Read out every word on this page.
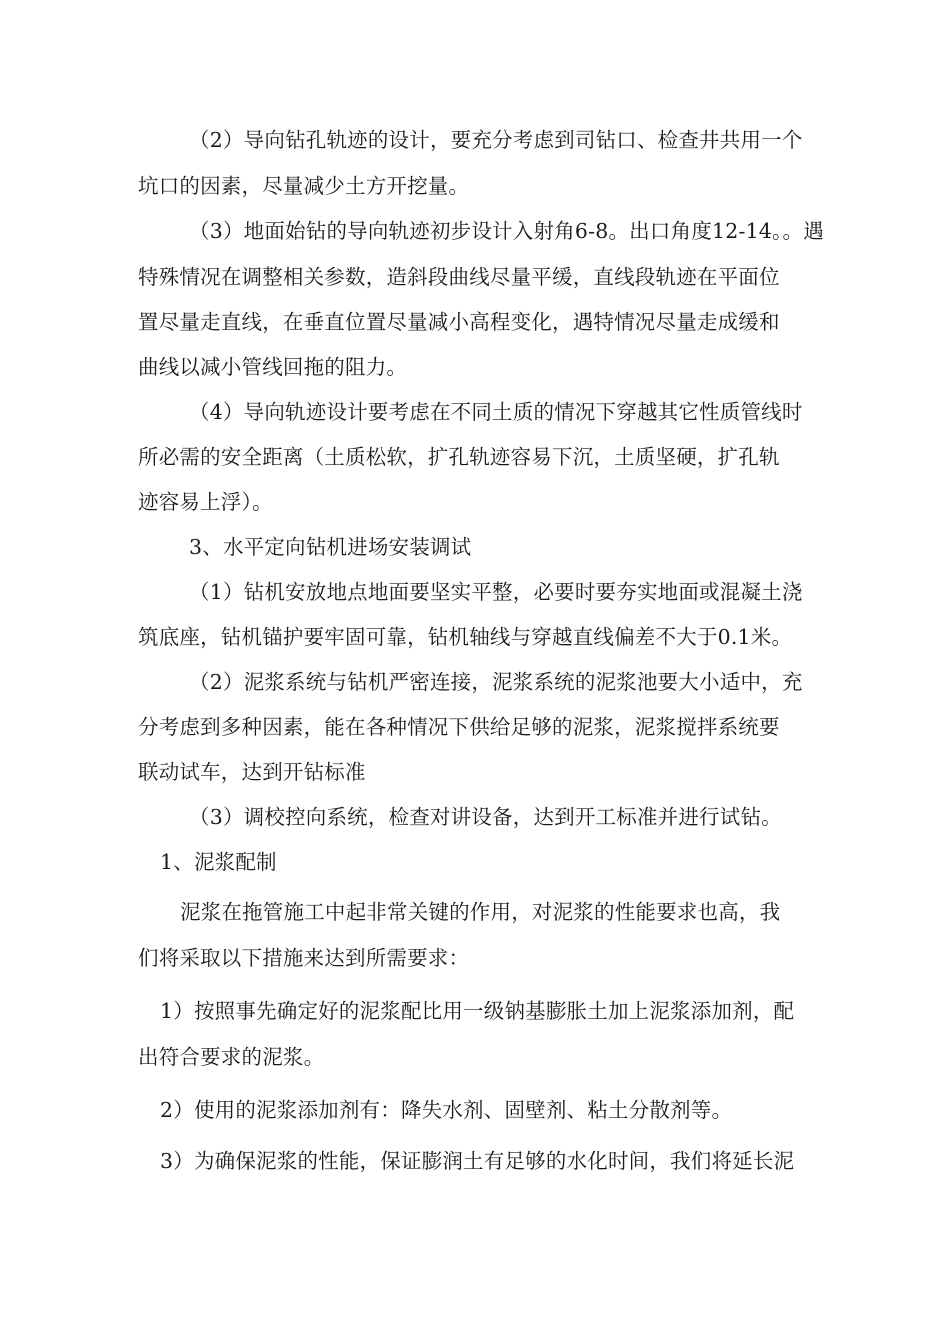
（2）导向钻孔轨迹的设计，要充分考虑到司钻口、检查井共用一个
坑口的因素，尽量减少土方开挖量。
（3）地面始钻的导向轨迹初步设计入射角6-8。出口角度12-14。。遇
特殊情况在调整相关参数，造斜段曲线尽量平缓，直线段轨迹在平面位
置尽量走直线，在垂直位置尽量减小高程变化，遇特情况尽量走成缓和
曲线以减小管线回拖的阻力。
（4）导向轨迹设计要考虑在不同土质的情况下穿越其它性质管线时
所必需的安全距离（土质松软，扩孔轨迹容易下沉，土质坚硬，扩孔轨
迹容易上浮）。
3、水平定向钻机进场安装调试
（1）钻机安放地点地面要坚实平整，必要时要夯实地面或混凝土浇
筑底座，钻机锚护要牢固可靠，钻机轴线与穿越直线偏差不大于0.1米。
（2）泥浆系统与钻机严密连接，泥浆系统的泥浆池要大小适中，充
分考虑到多种因素，能在各种情况下供给足够的泥浆，泥浆搅拌系统要
联动试车，达到开钻标准
（3）调校控向系统，检查对讲设备，达到开工标准并进行试钻。
1、泥浆配制
泥浆在拖管施工中起非常关键的作用，对泥浆的性能要求也高，我
们将采取以下措施来达到所需要求：
1）按照事先确定好的泥浆配比用一级钠基膨胀土加上泥浆添加剂，配
出符合要求的泥浆。
2）使用的泥浆添加剂有：降失水剂、固壁剂、粘土分散剂等。
3）为确保泥浆的性能，保证膨润土有足够的水化时间，我们将延长泥
